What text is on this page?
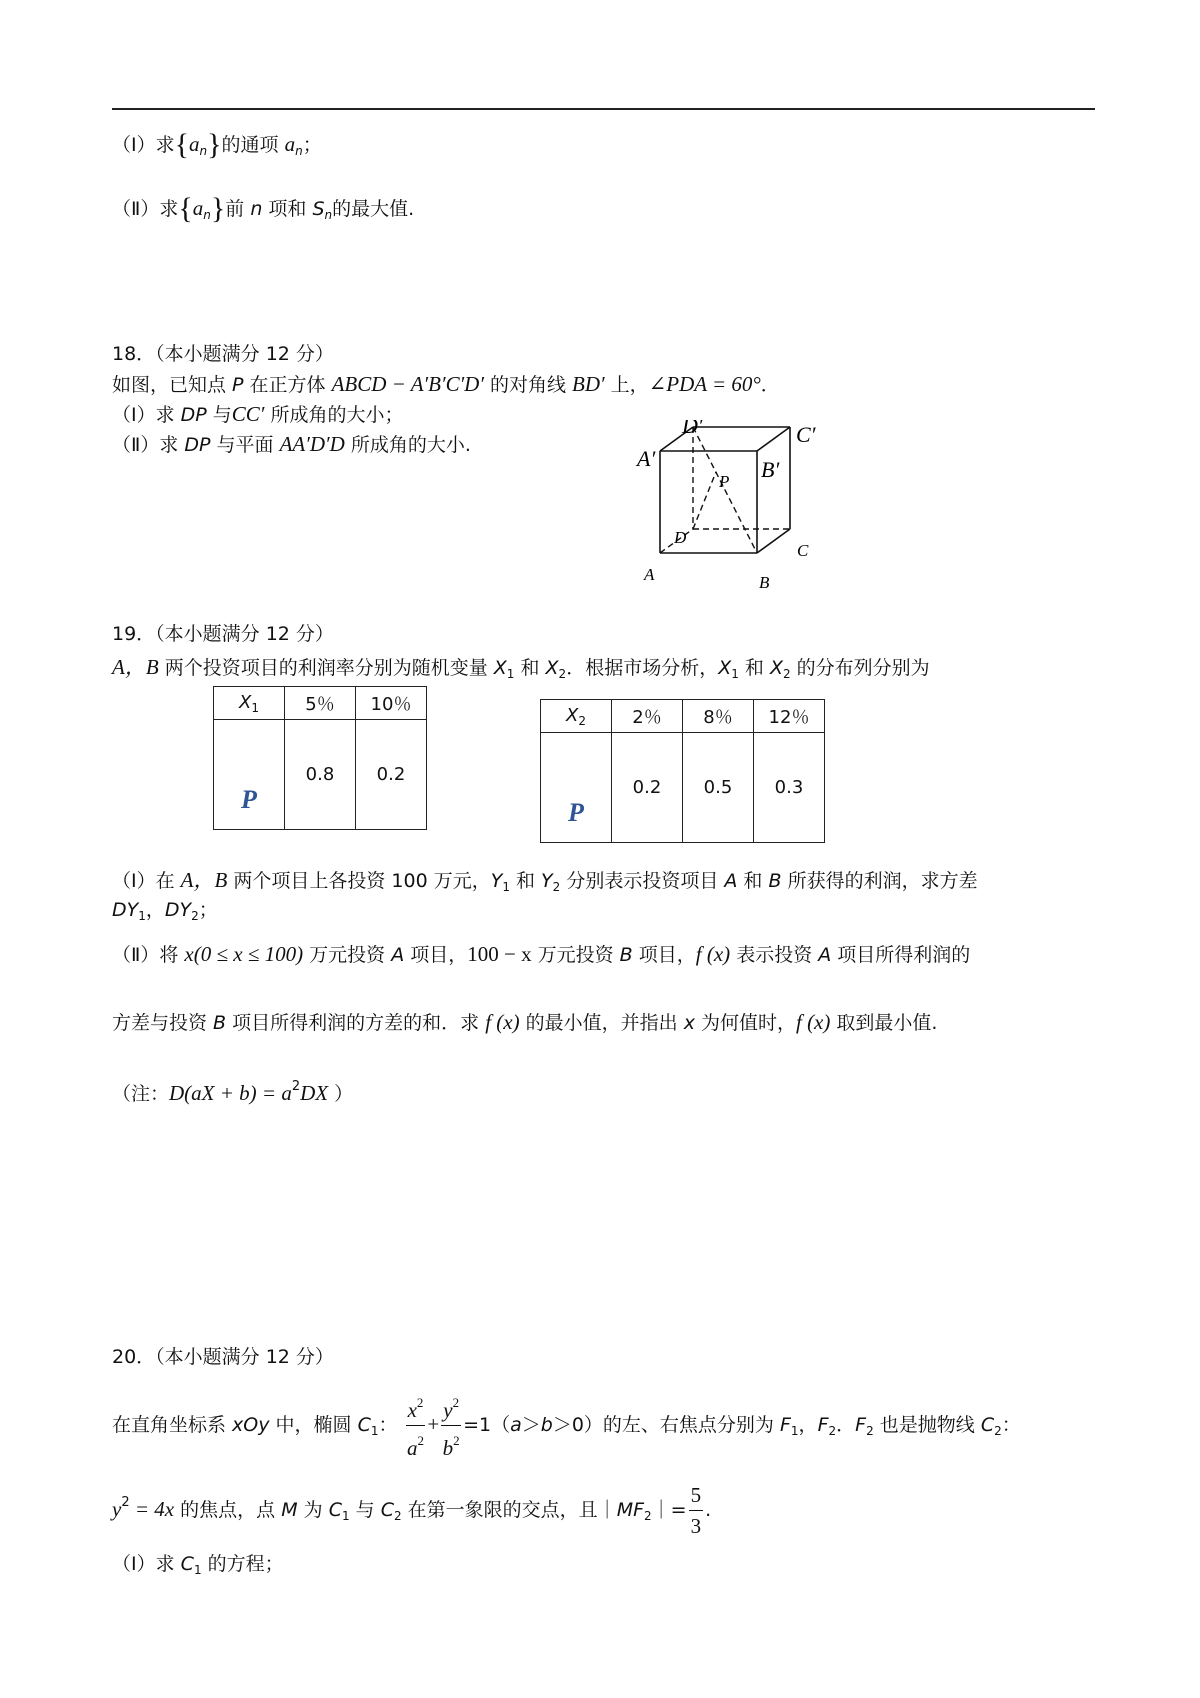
（Ⅰ）求$\{a_n\}$的通项 $a_n$；
（Ⅱ）求$\{a_n\}$前 n 项和 $S_n$的最大值.
18．（本小题满分 12 分）
如图，已知点 P 在正方体 ABCD − A′B′C′D′ 的对角线 BD′ 上，∠PDA = 60°．
（Ⅰ）求 DP 与CC′ 所成角的大小；
（Ⅱ）求 DP 与平面 AA′D′D 所成角的大小.
D′	C′
A′	B′
P
D
C
A	B
19．（本小题满分 12 分）
A，B 两个投资项目的利润率分别为随机变量 $X_1$ 和 $X_2$．根据市场分析，$X_1$ 和 $X_2$ 的分布列分别为
$X_1$	5％	10％
P	0.8	0.2
$X_2$	2％	8％	12％
P	0.2	0.5	0.3
（Ⅰ）在 A，B 两个项目上各投资 100 万元，$Y_1$ 和 $Y_2$ 分别表示投资项目 A 和 B 所获得的利润，求方差
$DY_1$，$DY_2$；
（Ⅱ）将 x(0 ≤ x ≤ 100) 万元投资 A 项目，100 − x 万元投资 B 项目，f (x) 表示投资 A 项目所得利润的
方差与投资 B 项目所得利润的方差的和．求 f (x) 的最小值，并指出 x 为何值时，f (x) 取到最小值.
（注：$D(aX + b) = a^2DX$ ）
20．（本小题满分 12 分）
在直角坐标系 xOy 中，椭圆 $C_1$： $\frac{x^2}{a^2} + \frac{y^2}{b^2} =1(a>b>0)$的左、右焦点分别为 $F_1$，$F_2$．$F_2$ 也是抛物线 $C_2$：
$y^2 = 4x$ 的焦点，点 M 为 $C_1$ 与 $C_2$ 在第一象限的交点，且$|MF_2|= \frac{5}{3}$ .
（Ⅰ）求 $C_1$ 的方程；
